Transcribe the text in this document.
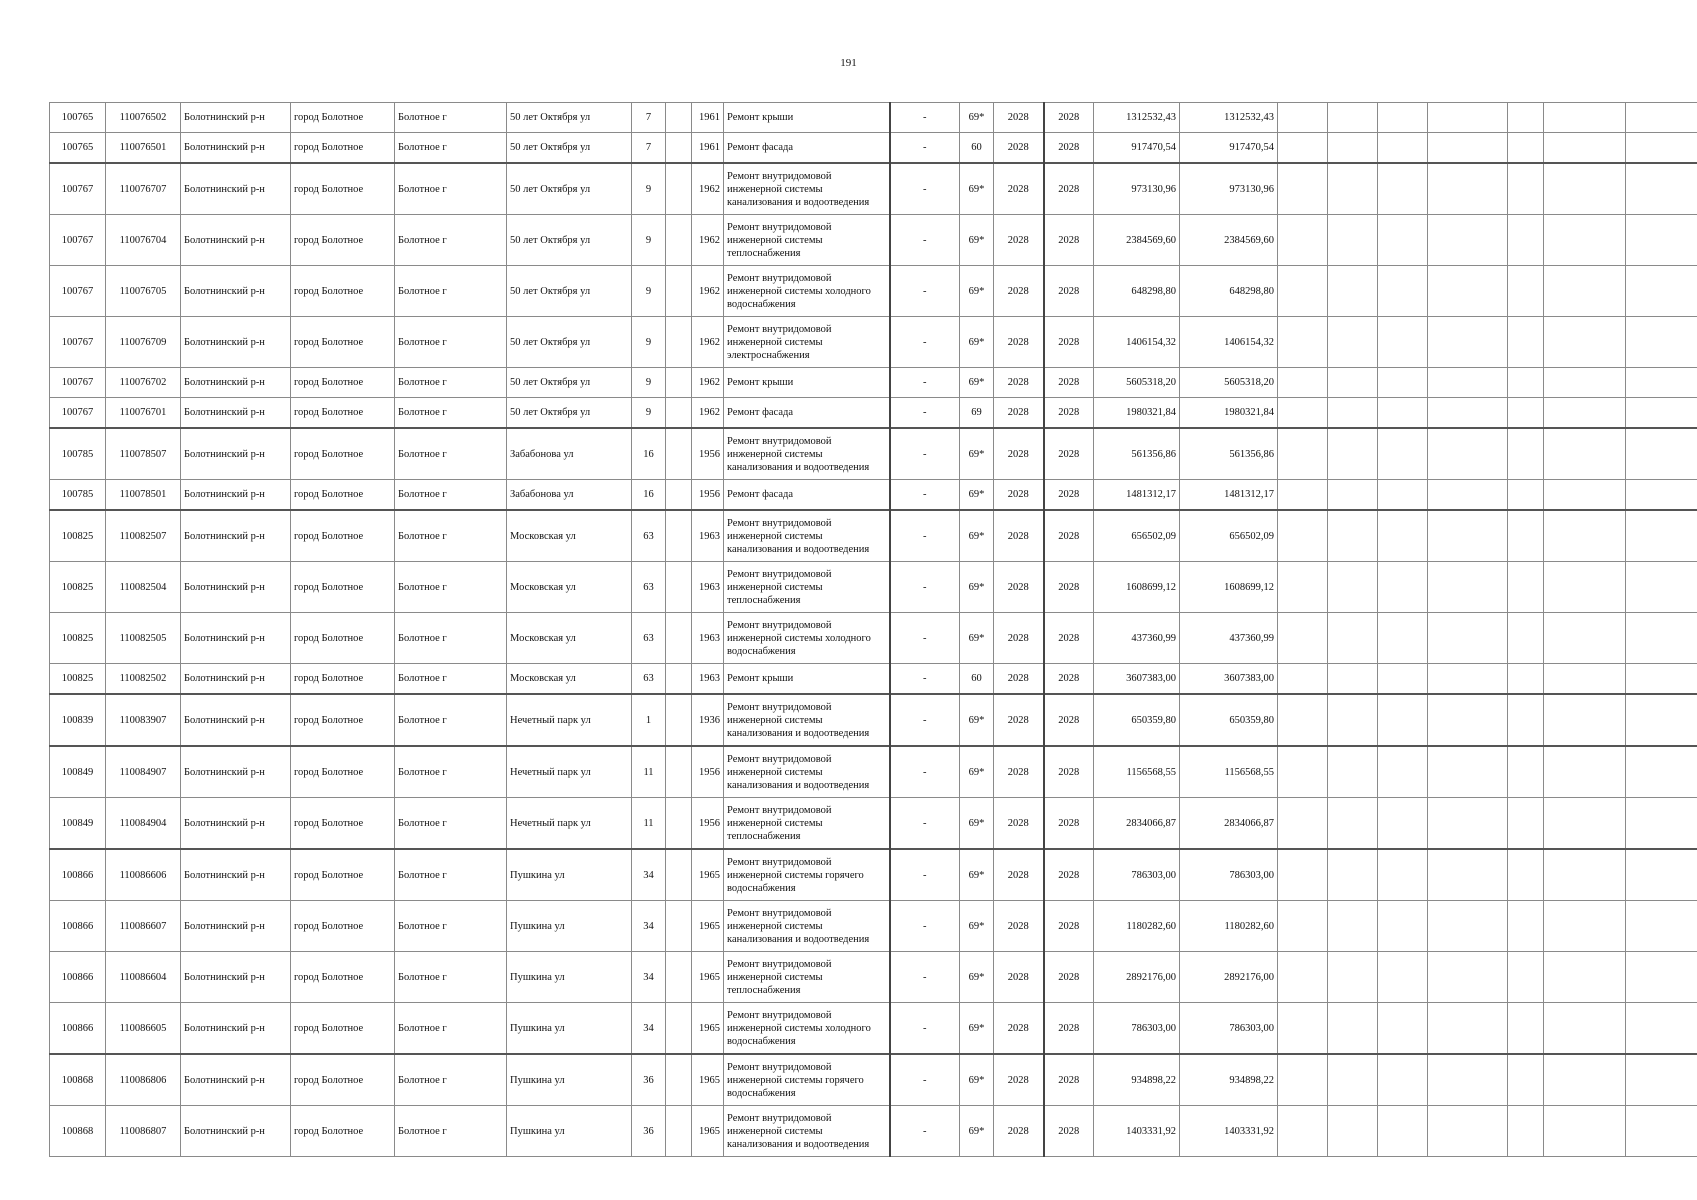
191
100765	110076502	Болотнинский р-н	город Болотное	Болотное г	50 лет Октября ул	7		1961	Ремонт крыши	-	69*	2028	2028	1312532,43	1312532,43							
100765	110076501	Болотнинский р-н	город Болотное	Болотное г	50 лет Октября ул	7		1961	Ремонт фасада	-	60	2028	2028	917470,54	917470,54							
100767	110076707	Болотнинский р-н	город Болотное	Болотное г	50 лет Октября ул	9		1962	Ремонт внутридомовой инженерной системы канализования и водоотведения	-	69*	2028	2028	973130,96	973130,96							
100767	110076704	Болотнинский р-н	город Болотное	Болотное г	50 лет Октября ул	9		1962	Ремонт внутридомовой инженерной системы теплоснабжения	-	69*	2028	2028	2384569,60	2384569,60							
100767	110076705	Болотнинский р-н	город Болотное	Болотное г	50 лет Октября ул	9		1962	Ремонт внутридомовой инженерной системы холодного водоснабжения	-	69*	2028	2028	648298,80	648298,80							
100767	110076709	Болотнинский р-н	город Болотное	Болотное г	50 лет Октября ул	9		1962	Ремонт внутридомовой инженерной системы электроснабжения	-	69*	2028	2028	1406154,32	1406154,32							
100767	110076702	Болотнинский р-н	город Болотное	Болотное г	50 лет Октября ул	9		1962	Ремонт крыши	-	69*	2028	2028	5605318,20	5605318,20							
100767	110076701	Болотнинский р-н	город Болотное	Болотное г	50 лет Октября ул	9		1962	Ремонт фасада	-	69	2028	2028	1980321,84	1980321,84							
100785	110078507	Болотнинский р-н	город Болотное	Болотное г	Забабонова ул	16		1956	Ремонт внутридомовой инженерной системы канализования и водоотведения	-	69*	2028	2028	561356,86	561356,86							
100785	110078501	Болотнинский р-н	город Болотное	Болотное г	Забабонова ул	16		1956	Ремонт фасада	-	69*	2028	2028	1481312,17	1481312,17							
100825	110082507	Болотнинский р-н	город Болотное	Болотное г	Московская ул	63		1963	Ремонт внутридомовой инженерной системы канализования и водоотведения	-	69*	2028	2028	656502,09	656502,09							
100825	110082504	Болотнинский р-н	город Болотное	Болотное г	Московская ул	63		1963	Ремонт внутридомовой инженерной системы теплоснабжения	-	69*	2028	2028	1608699,12	1608699,12							
100825	110082505	Болотнинский р-н	город Болотное	Болотное г	Московская ул	63		1963	Ремонт внутридомовой инженерной системы холодного водоснабжения	-	69*	2028	2028	437360,99	437360,99							
100825	110082502	Болотнинский р-н	город Болотное	Болотное г	Московская ул	63		1963	Ремонт крыши	-	60	2028	2028	3607383,00	3607383,00							
100839	110083907	Болотнинский р-н	город Болотное	Болотное г	Нечетный парк ул	1		1936	Ремонт внутридомовой инженерной системы канализования и водоотведения	-	69*	2028	2028	650359,80	650359,80							
100849	110084907	Болотнинский р-н	город Болотное	Болотное г	Нечетный парк ул	11		1956	Ремонт внутридомовой инженерной системы канализования и водоотведения	-	69*	2028	2028	1156568,55	1156568,55							
100849	110084904	Болотнинский р-н	город Болотное	Болотное г	Нечетный парк ул	11		1956	Ремонт внутридомовой инженерной системы теплоснабжения	-	69*	2028	2028	2834066,87	2834066,87							
100866	110086606	Болотнинский р-н	город Болотное	Болотное г	Пушкина ул	34		1965	Ремонт внутридомовой инженерной системы горячего водоснабжения	-	69*	2028	2028	786303,00	786303,00							
100866	110086607	Болотнинский р-н	город Болотное	Болотное г	Пушкина ул	34		1965	Ремонт внутридомовой инженерной системы канализования и водоотведения	-	69*	2028	2028	1180282,60	1180282,60							
100866	110086604	Болотнинский р-н	город Болотное	Болотное г	Пушкина ул	34		1965	Ремонт внутридомовой инженерной системы теплоснабжения	-	69*	2028	2028	2892176,00	2892176,00							
100866	110086605	Болотнинский р-н	город Болотное	Болотное г	Пушкина ул	34		1965	Ремонт внутридомовой инженерной системы холодного водоснабжения	-	69*	2028	2028	786303,00	786303,00							
100868	110086806	Болотнинский р-н	город Болотное	Болотное г	Пушкина ул	36		1965	Ремонт внутридомовой инженерной системы горячего водоснабжения	-	69*	2028	2028	934898,22	934898,22							
100868	110086807	Болотнинский р-н	город Болотное	Болотное г	Пушкина ул	36		1965	Ремонт внутридомовой инженерной системы канализования и водоотведения	-	69*	2028	2028	1403331,92	1403331,92							
